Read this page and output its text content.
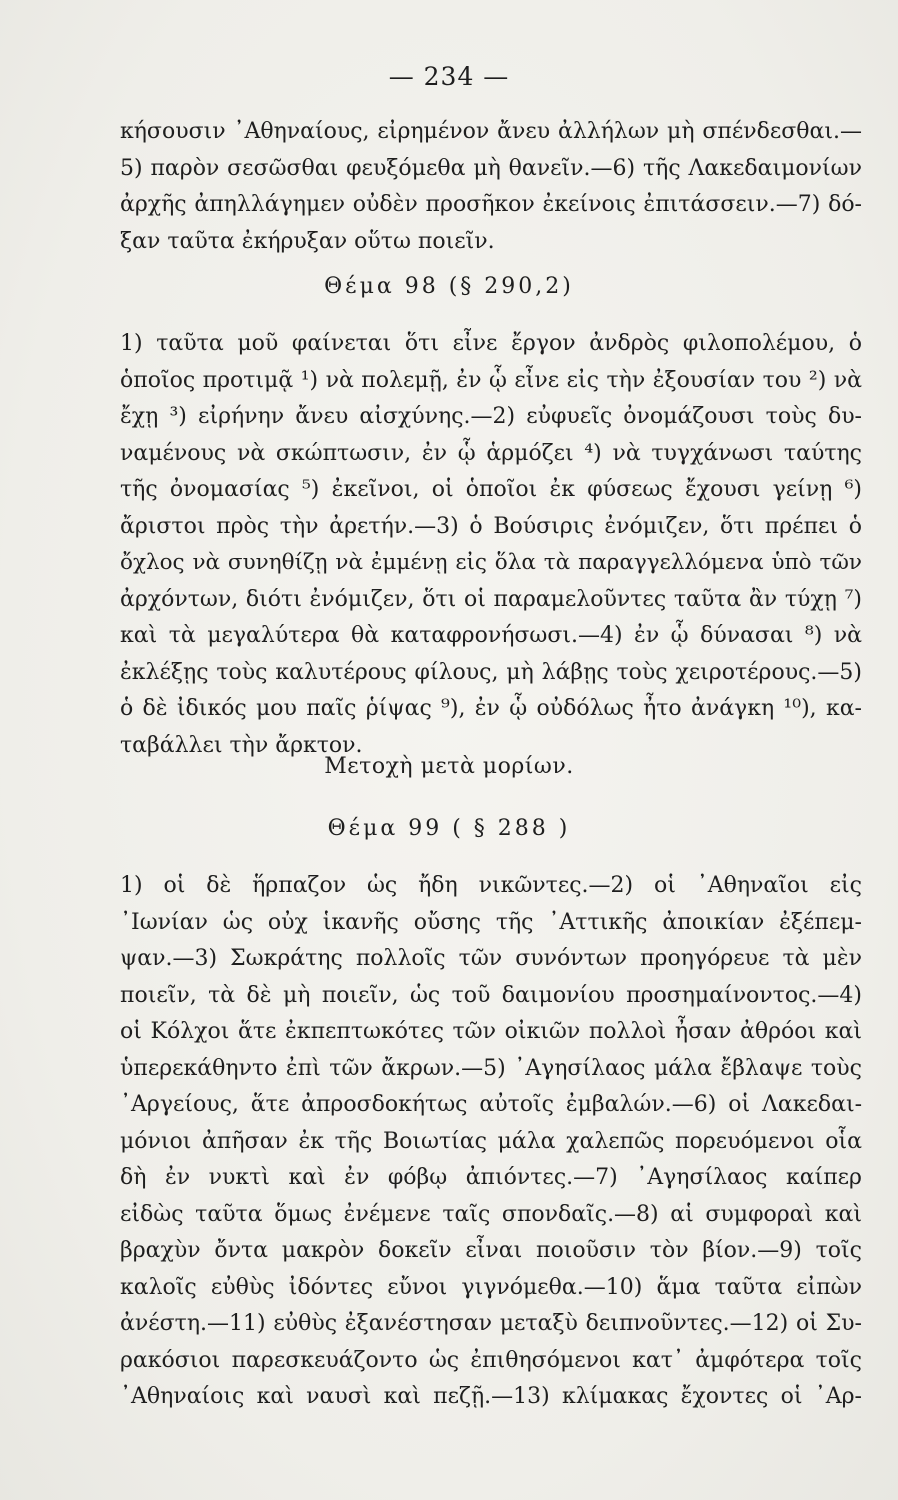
— 234 —
κήσουσιν ᾿Αθηναίους, εἰρημένον ἄνευ ἀλλήλων μὴ σπένδεσθαι.—
5) παρὸν σεσῶσθαι φευξόμεθα μὴ θανεῖν.—6) τῆς Λακεδαιμονίων
ἀρχῆς ἀπηλλάγημεν οὐδὲν προσῆκον ἐκείνοις ἐπιτάσσειν.—7) δό-
ξαν ταῦτα ἐκήρυξαν οὕτω ποιεῖν.
Θέμα 98 (§ 290,2)
1) ταῦτα μοῦ φαίνεται ὅτι εἶνε ἔργον ἀνδρὸς φιλοπολέμου, ὁ
ὁποῖος προτιμᾷ ¹) νὰ πολεμῇ, ἐν ᾧ εἶνε εἰς τὴν ἐξουσίαν του ²) νὰ
ἔχῃ ³) εἰρήνην ἄνευ αἰσχύνης.—2) εὐφυεῖς ὀνομάζουσι τοὺς δυ-
ναμένους νὰ σκώπτωσιν, ἐν ᾧ ἁρμόζει ⁴) νὰ τυγχάνωσι ταύτης
τῆς ὀνομασίας ⁵) ἐκεῖνοι, οἱ ὁποῖοι ἐκ φύσεως ἔχουσι γείνῃ ⁶)
ἄριστοι πρὸς τὴν ἀρετήν.—3) ὁ Βούσιρις ἐνόμιζεν, ὅτι πρέπει ὁ
ὄχλος νὰ συνηθίζῃ νὰ ἐμμένῃ εἰς ὅλα τὰ παραγγελλόμενα ὑπὸ τῶν
ἀρχόντων, διότι ἐνόμιζεν, ὅτι οἱ παραμελοῦντες ταῦτα ἂν τύχῃ ⁷)
καὶ τὰ μεγαλύτερα θὰ καταφρονήσωσι.—4) ἐν ᾧ δύνασαι ⁸) νὰ
ἐκλέξῃς τοὺς καλυτέρους φίλους, μὴ λάβῃς τοὺς χειροτέρους.—5)
ὁ δὲ ἰδικός μου παῖς ῥίψας ⁹), ἐν ᾧ οὐδόλως ἦτο ἀνάγκη ¹⁰), κα-
ταβάλλει τὴν ἄρκτον.
Μετοχὴ μετὰ μορίων.
Θέμα 99 ( § 288 )
1) οἱ δὲ ἥρπαζον ὡς ἤδη νικῶντες.—2) οἱ ᾿Αθηναῖοι εἰς
᾿Ιωνίαν ὡς οὐχ ἱκανῆς οὔσης τῆς ᾿Αττικῆς ἀποικίαν ἐξέπεμ-
ψαν.—3) Σωκράτης πολλοῖς τῶν συνόντων προηγόρευε τὰ μὲν
ποιεῖν, τὰ δὲ μὴ ποιεῖν, ὡς τοῦ δαιμονίου προσημαίνοντος.—4)
οἱ Κόλχοι ἅτε ἐκπεπτωκότες τῶν οἰκιῶν πολλοὶ ἦσαν ἀθρόοι καὶ
ὑπερεκάθηντο ἐπὶ τῶν ἄκρων.—5) ᾿Αγησίλαος μάλα ἔβλαψε τοὺς
᾿Αργείους, ἅτε ἀπροσδοκήτως αὐτοῖς ἐμβαλών.—6) οἱ Λακεδαι-
μόνιοι ἀπῆσαν ἐκ τῆς Βοιωτίας μάλα χαλεπῶς πορευόμενοι οἷα
δὴ ἐν νυκτὶ καὶ ἐν φόβῳ ἀπιόντες.—7) ᾿Αγησίλαος καίπερ
εἰδὼς ταῦτα ὅμως ἐνέμενε ταῖς σπονδαῖς.—8) αἱ συμφοραὶ καὶ
βραχὺν ὄντα μακρὸν δοκεῖν εἶναι ποιοῦσιν τὸν βίον.—9) τοῖς
καλοῖς εὐθὺς ἰδόντες εὔνοι γιγνόμεθα.—10) ἅμα ταῦτα εἰπὼν
ἀνέστη.—11) εὐθὺς ἐξανέστησαν μεταξὺ δειπνοῦντες.—12) οἱ Συ-
ρακόσιοι παρεσκευάζοντο ὡς ἐπιθησόμενοι κατ᾿ ἀμφότερα τοῖς
᾿Αθηναίοις καὶ ναυσὶ καὶ πεζῇ.—13) κλίμακας ἔχοντες οἱ ᾿Αρ-
